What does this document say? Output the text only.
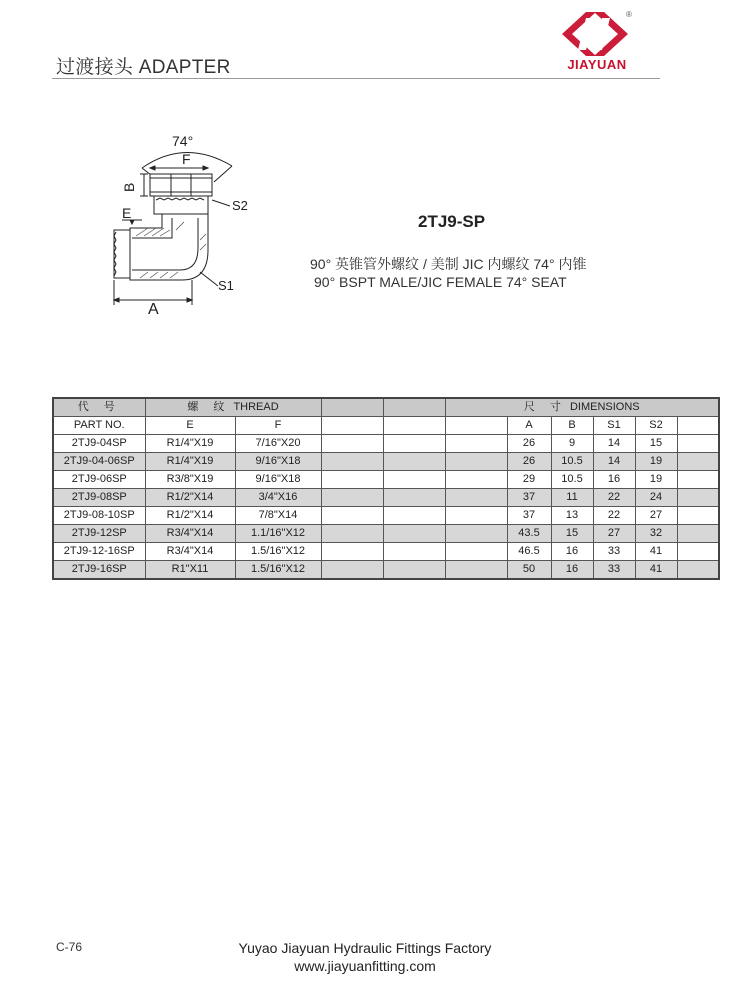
过渡接头 ADAPTER
®
JIAYUAN
74°
F
B
E	S2
S1
A
2TJ9-SP
90° 英锥管外螺纹 / 美制 JIC 内螺纹 74° 内锥
90° BSPT MALE/JIC FEMALE 74° SEAT
代 号	螺 纹 THREAD				尺 寸 DIMENSIONS					
PART NO.	E	F				A	B	S1	S2	
2TJ9-04SP	R1/4"X19	7/16"X20				26	9	14	15	
2TJ9-04-06SP	R1/4"X19	9/16"X18				26	10.5	14	19	
2TJ9-06SP	R3/8"X19	9/16"X18				29	10.5	16	19	
2TJ9-08SP	R1/2"X14	3/4"X16				37	11	22	24	
2TJ9-08-10SP	R1/2"X14	7/8"X14				37	13	22	27	
2TJ9-12SP	R3/4"X14	1.1/16"X12				43.5	15	27	32	
2TJ9-12-16SP	R3/4"X14	1.5/16"X12				46.5	16	33	41	
2TJ9-16SP	R1"X11	1.5/16"X12				50	16	33	41	
C-76	Yuyao Jiayuan Hydraulic Fittings Factory
www.jiayuanfitting.com
